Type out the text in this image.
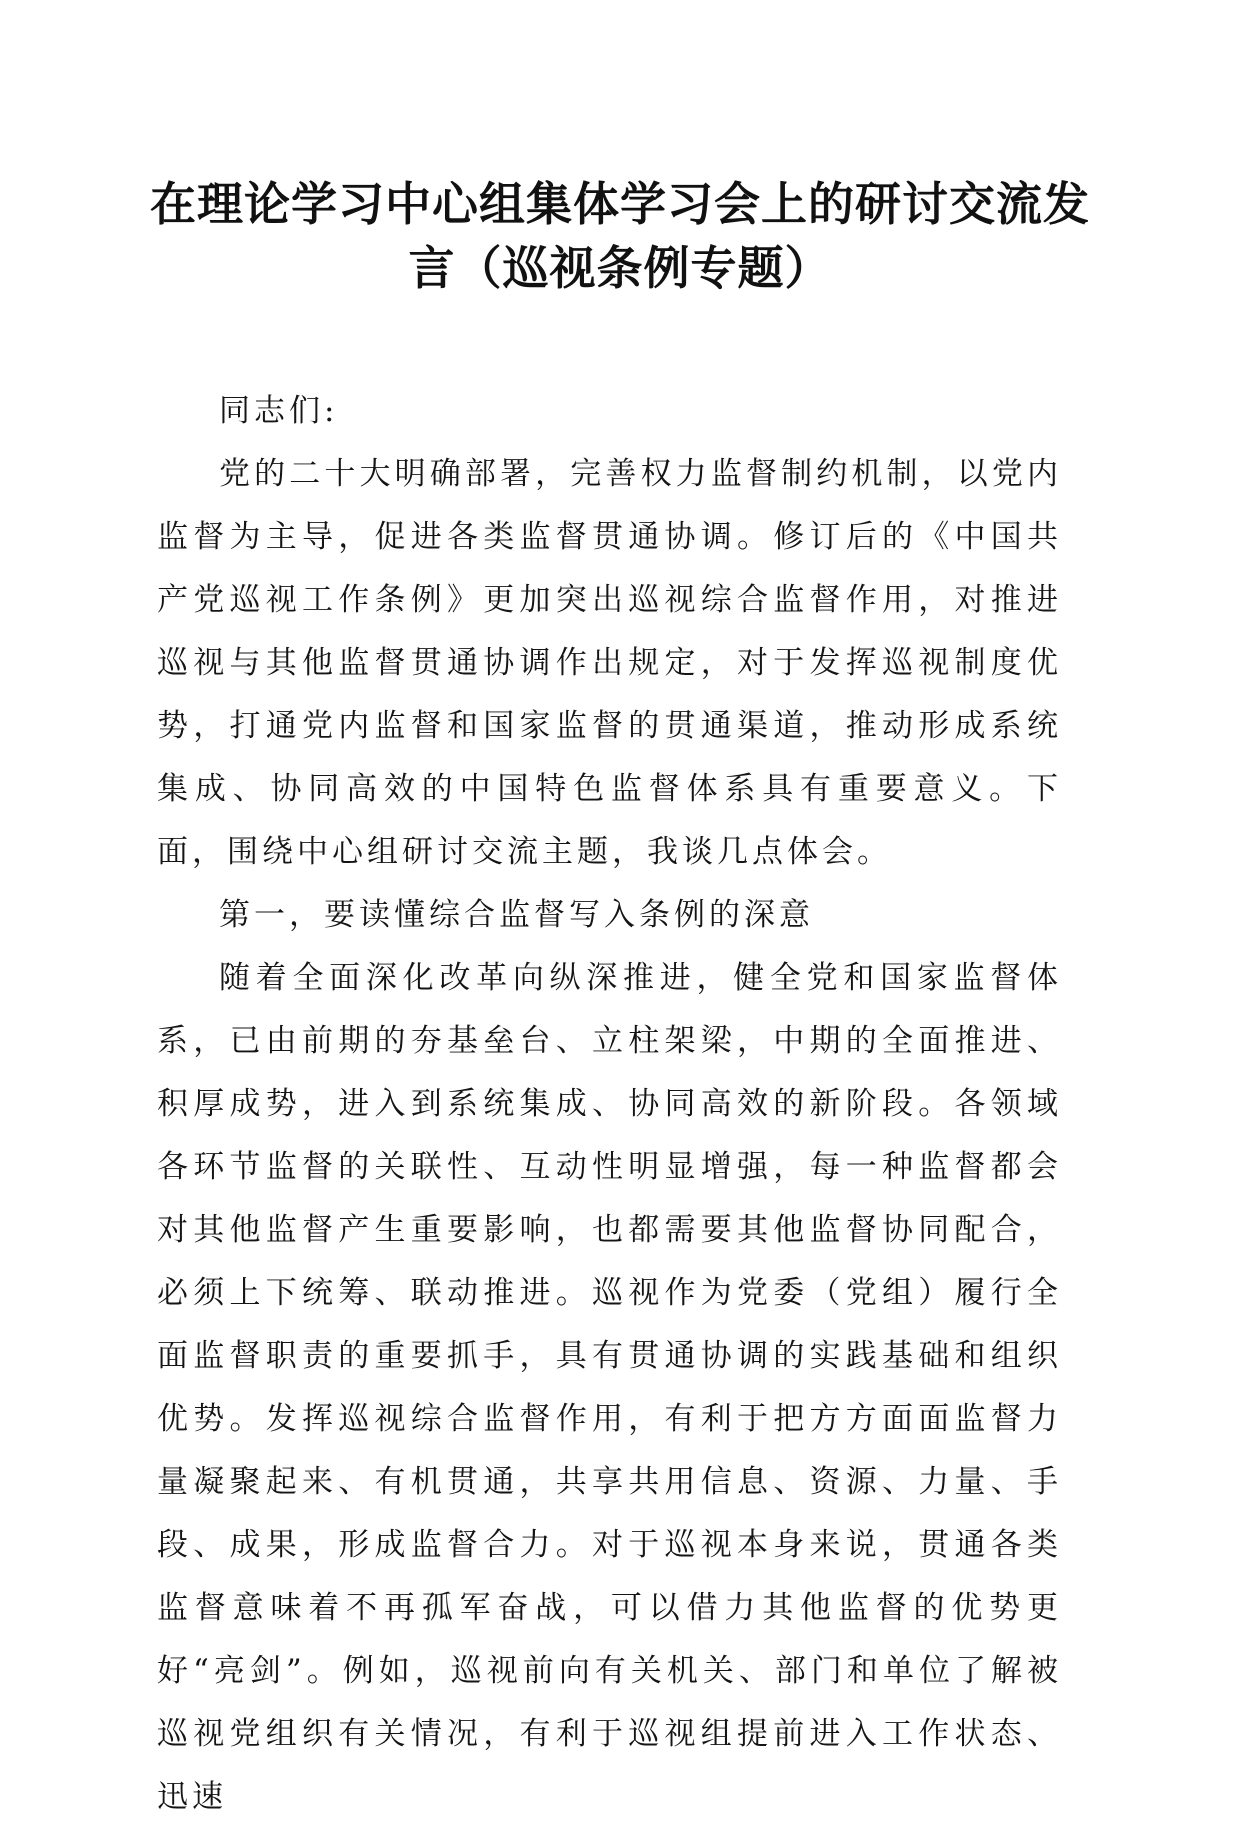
在理论学习中心组集体学习会上的研讨交流发言（巡视条例专题）

同志们:

党的二十大明确部署，完善权力监督制约机制，以党内监督为主导，促进各类监督贯通协调。修订后的《中国共产党巡视工作条例》更加突出巡视综合监督作用，对推进巡视与其他监督贯通协调作出规定，对于发挥巡视制度优势，打通党内监督和国家监督的贯通渠道，推动形成系统集成、协同高效的中国特色监督体系具有重要意义。下面，围绕中心组研讨交流主题，我谈几点体会。

第一，要读懂综合监督写入条例的深意

随着全面深化改革向纵深推进，健全党和国家监督体系，已由前期的夯基垒台、立柱架梁，中期的全面推进、积厚成势，进入到系统集成、协同高效的新阶段。各领域各环节监督的关联性、互动性明显增强，每一种监督都会对其他监督产生重要影响，也都需要其他监督协同配合，必须上下统筹、联动推进。巡视作为党委（党组）履行全面监督职责的重要抓手，具有贯通协调的实践基础和组织优势。发挥巡视综合监督作用，有利于把方方面面监督力量凝聚起来、有机贯通，共享共用信息、资源、力量、手段、成果，形成监督合力。对于巡视本身来说，贯通各类监督意味着不再孤军奋战，可以借力其他监督的优势更好“亮剑”。例如，巡视前向有关机关、部门和单位了解被巡视党组织有关情况，有利于巡视组提前进入工作状态、迅速
